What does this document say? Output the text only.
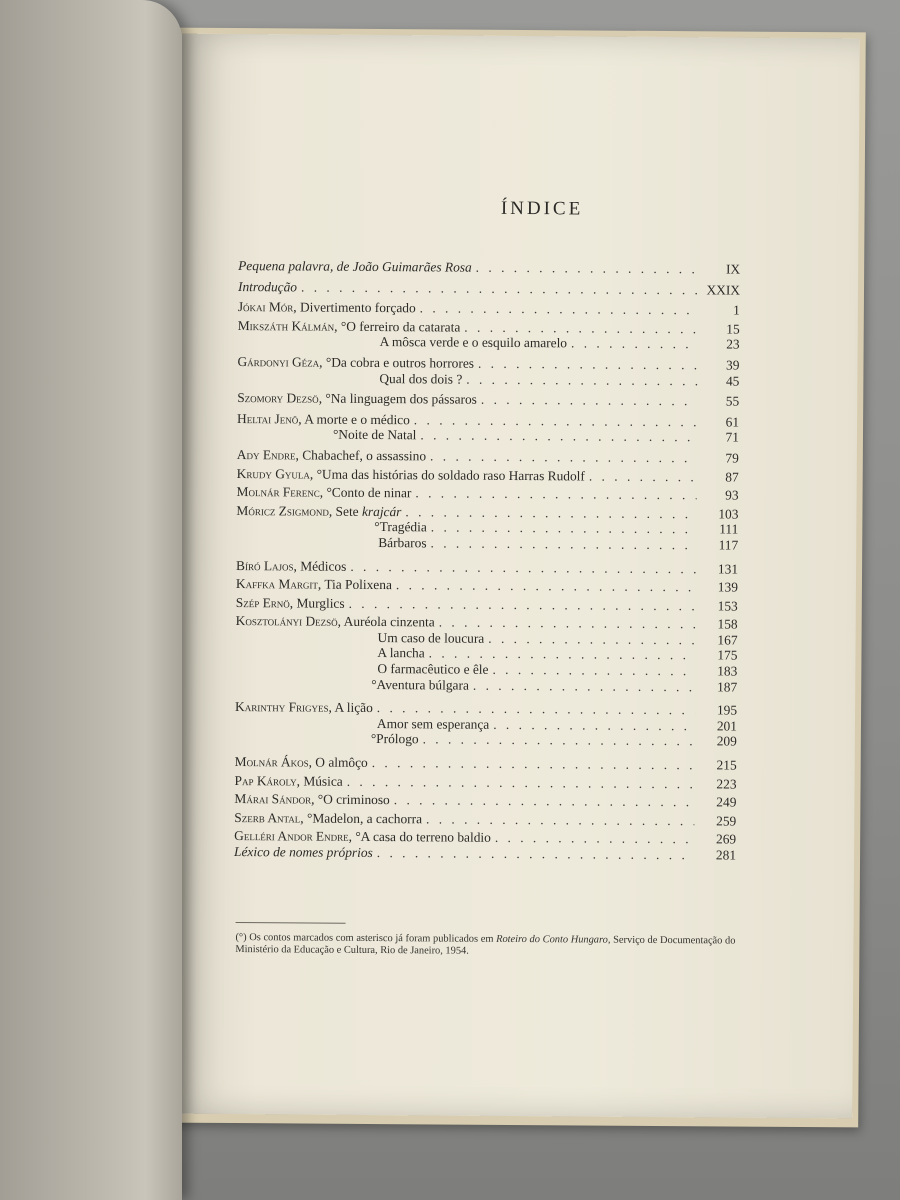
ÍNDICE
Pequena palavra, de João Guimarães Rosa . . .	IX
Introdução . . .	XXIX
Jókai Mór, Divertimento forçado . . .	1
Mikszáth Kálmán, °O ferreiro da catarata . . .	15
A môsca verde e o esquilo amarelo . . .	23
Gárdonyi Géza, °Da cobra e outros horrores . . .	39
Qual dos dois ? . . .	45
Szomory Dezsö, °Na linguagem dos pássaros . . .	55
Heltai Jenö, A morte e o médico . . .	61
°Noite de Natal . . .	71
Ady Endre, Chabachef, o assassino . . .	79
Krudy Gyula, °Uma das histórias do soldado raso Harras Rudolf . . .	87
Molnár Ferenc, °Conto de ninar . . .	93
Móricz Zsigmond, Sete krajcár . . .	103
°Tragédia . . .	111
Bárbaros . . .	117
Bíró Lajos, Médicos . . .	131
Kaffka Margit, Tia Polixena . . .	139
Szép Ernö, Murglics . . .	153
Kosztolányi Dezsö, Auréola cinzenta . . .	158
Um caso de loucura . . .	167
A lancha . . .	175
O farmacêutico e êle . . .	183
°Aventura búlgara . . .	187
Karinthy Frigyes, A lição . . .	195
Amor sem esperança . . .	201
°Prólogo . . .	209
Molnár Ákos, O almôço . . .	215
Pap Károly, Música . . .	223
Márai Sándor, °O criminoso . . .	249
Szerb Antal, °Madelon, a cachorra . . .	259
Gelléri Andor Endre, °A casa do terreno baldio . . .	269
Léxico de nomes próprios . . .	281
(°) Os contos marcados com asterisco já foram publicados em Roteiro do Conto Hungaro, Serviço de Documentação do Ministério da Educação e Cultura, Rio de Janeiro, 1954.
